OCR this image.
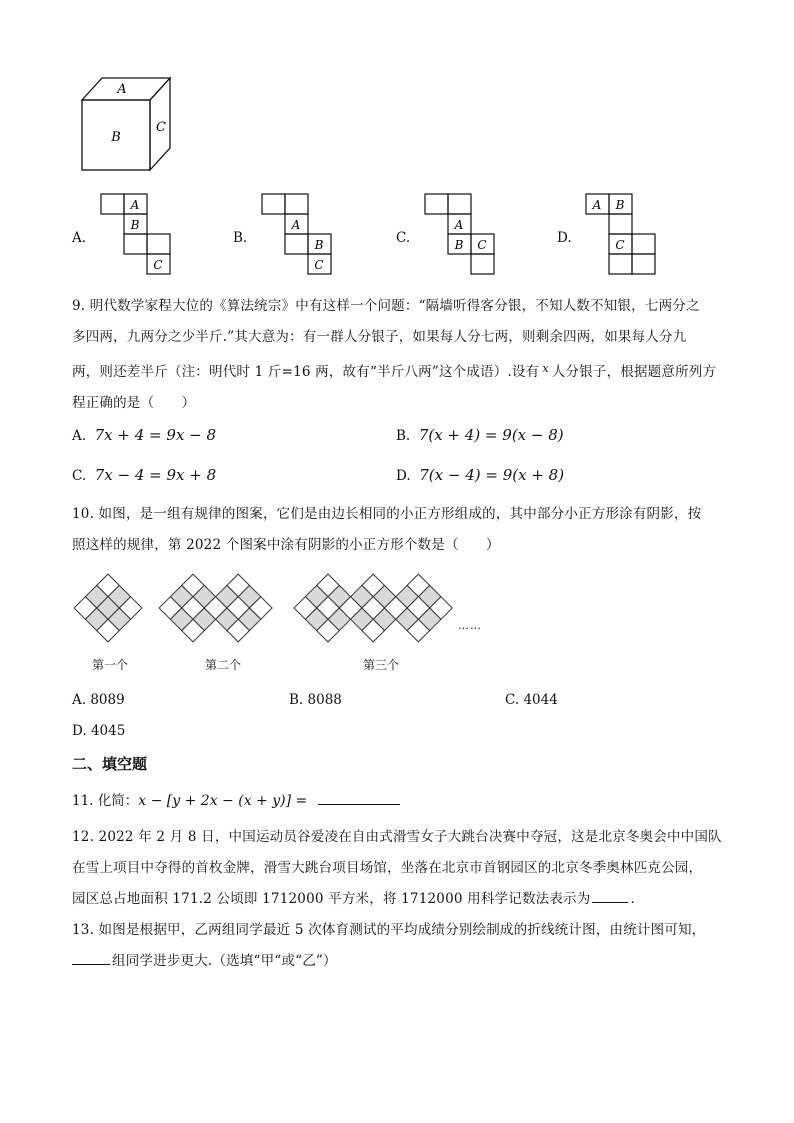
A
B
C
A.
A
B
C
B.
A
B
C
C.
A
B C	D.
A B
C
9. 明代数学家程大位的《算法统宗》中有这样一个问题：“隔墙听得客分银，不知人数不知银，七两分之
多四两，九两分之少半斤.”其大意为：有一群人分银子，如果每人分七两，则剩余四两，如果每人分九
两，则还差半斤（注：明代时 1 斤=16 两，故有“半斤八两”这个成语）.设有 $^x$ 人分银子，根据题意所列方
程正确的是（　　）
A. 7x + 4 = 9x − 8	B. 7(x + 4) = 9(x − 8)
C. 7x − 4 = 9x + 8	D. 7(x − 4) = 9(x + 8)
10. 如图，是一组有规律的图案，它们是由边长相同的小正方形组成的，其中部分小正方形涂有阴影，按
照这样的规律，第 2022 个图案中涂有阴影的小正方形个数是（　　）
……
第一个	第二个	第三个
A. 8089	B. 8088	C. 4044
D. 4045
二、填空题
11. 化简：x − [y + 2x − (x + y)] =
12. 2022 年 2 月 8 日，中国运动员谷爱凌在自由式滑雪女子大跳台决赛中夺冠，这是北京冬奥会中中国队
在雪上项目中夺得的首枚金牌，滑雪大跳台项目场馆，坐落在北京市首钢园区的北京冬季奥林匹克公园，
园区总占地面积 171.2 公顷即 1712000 平方米，将 1712000 用科学记数法表示为	.
13. 如图是根据甲，乙两组同学最近 5 次体育测试的平均成绩分别绘制成的折线统计图，由统计图可知，
组同学进步更大.（选填“甲“或“乙”）
